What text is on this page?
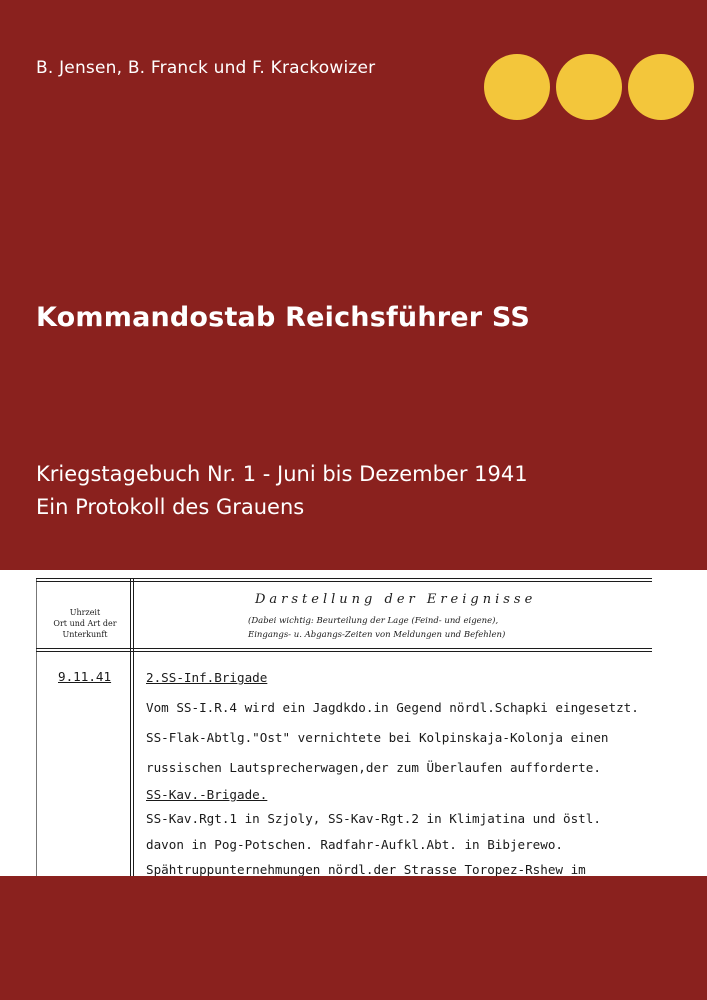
B. Jensen, B. Franck und F. Krackowizer
Kommandostab Reichsführer SS
Kriegstagebuch Nr. 1 - Juni bis Dezember 1941
Ein Protokoll des Grauens
Uhrzeit
Ort und Art der
Unterkunft
Darstellung der Ereignisse
(Dabei wichtig: Beurteilung der Lage (Feind- und eigene),
Eingangs- u. Abgangs-Zeiten von Meldungen und Befehlen)
9.11.41	2.SS-Inf.Brigade
Vom SS-I.R.4 wird ein Jagdkdo.in Gegend nördl.Schapki eingesetzt.
SS-Flak-Abtlg."Ost" vernichtete bei Kolpinskaja-Kolonja einen
russischen Lautsprecherwagen,der zum Überlaufen aufforderte.
SS-Kav.-Brigade.
SS-Kav.Rgt.1 in Szjoly, SS-Kav-Rgt.2 in Klimjatina und östl.
davon in Pog-Potschen. Radfahr-Aufkl.Abt. in Bibjerewo.
Spähtruppunternehmungen nördl.der Strasse Toropez-Rshew im
